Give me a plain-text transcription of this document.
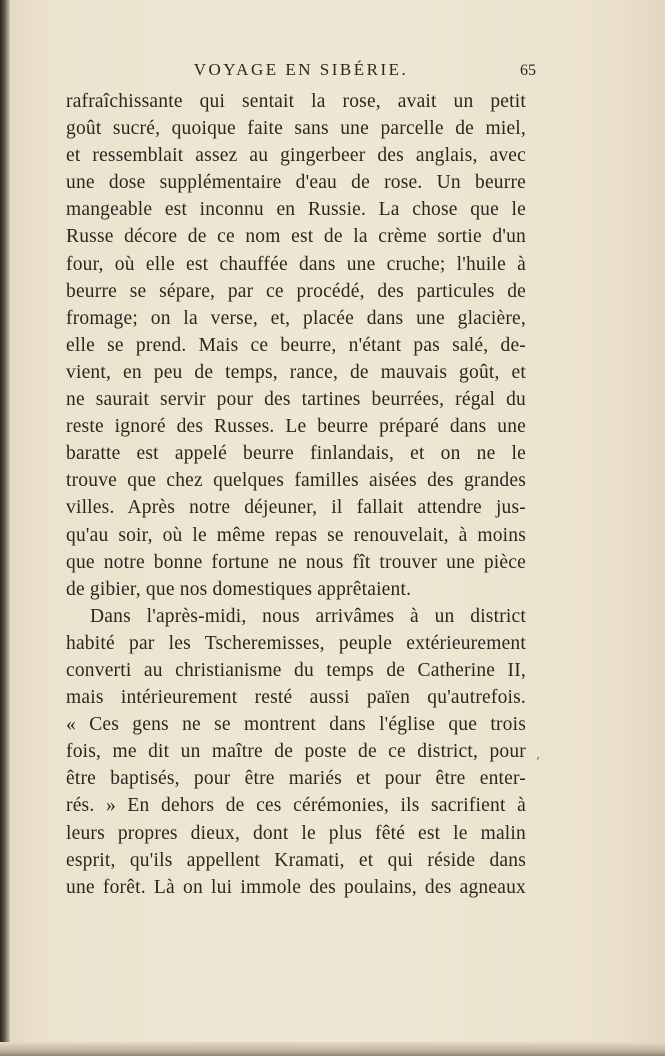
VOYAGE EN SIBÉRIE.	65
rafraîchissante qui sentait la rose, avait un petit
goût sucré, quoique faite sans une parcelle de miel,
et ressemblait assez au gingerbeer des anglais, avec
une dose supplémentaire d'eau de rose. Un beurre
mangeable est inconnu en Russie. La chose que le
Russe décore de ce nom est de la crème sortie d'un
four, où elle est chauffée dans une cruche; l'huile à
beurre se sépare, par ce procédé, des particules de
fromage; on la verse, et, placée dans une glacière,
elle se prend. Mais ce beurre, n'étant pas salé, de-
vient, en peu de temps, rance, de mauvais goût, et
ne saurait servir pour des tartines beurrées, régal du
reste ignoré des Russes. Le beurre préparé dans une
baratte est appelé beurre finlandais, et on ne le
trouve que chez quelques familles aisées des grandes
villes. Après notre déjeuner, il fallait attendre jus-
qu'au soir, où le même repas se renouvelait, à moins
que notre bonne fortune ne nous fît trouver une pièce
de gibier, que nos domestiques apprêtaient.
Dans l'après-midi, nous arrivâmes à un district
habité par les Tscheremisses, peuple extérieurement
converti au christianisme du temps de Catherine II,
mais intérieurement resté aussi païen qu'autrefois.
« Ces gens ne se montrent dans l'église que trois
fois, me dit un maître de poste de ce district, pour
être baptisés, pour être mariés et pour être enter-
rés. » En dehors de ces cérémonies, ils sacrifient à
leurs propres dieux, dont le plus fêté est le malin
esprit, qu'ils appellent Kramati, et qui réside dans
une forêt. Là on lui immole des poulains, des agneaux
’
